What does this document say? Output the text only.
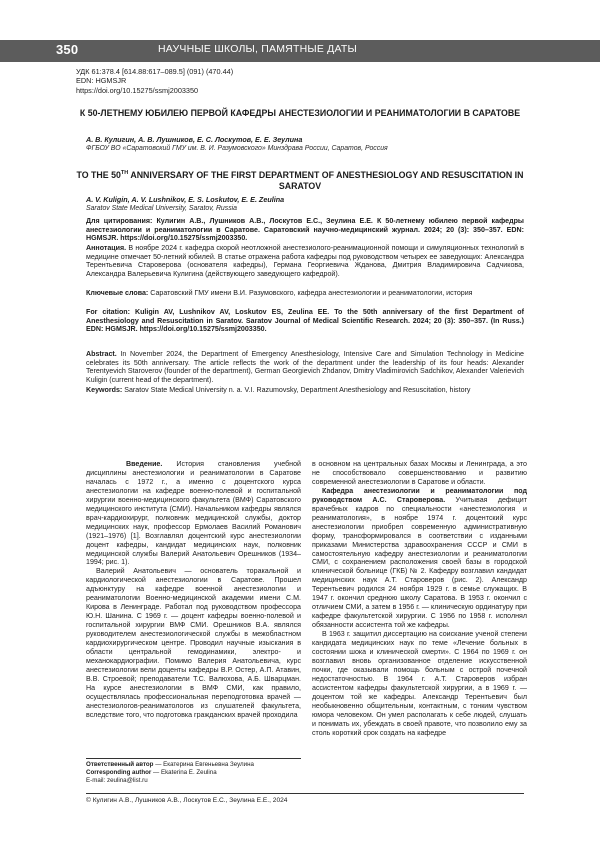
350	НАУЧНЫЕ ШКОЛЫ, ПАМЯТНЫЕ ДАТЫ
УДК 61:378.4 [614.88:617–089.5] (091) (470.44)
EDN: HGMSJR
https://doi.org/10.15275/ssmj2003350
К 50-ЛЕТНЕМУ ЮБИЛЕЮ ПЕРВОЙ КАФЕДРЫ АНЕСТЕЗИОЛОГИИ И РЕАНИМАТОЛОГИИ В САРАТОВЕ
А. В. Кулигин, А. В. Лушников, Е. С. Лоскутов, Е. Е. Зеулина
ФГБОУ ВО «Саратовский ГМУ им. В. И. Разумовского» Минздрава России, Саратов, Россия
TO THE 50TH ANNIVERSARY OF THE FIRST DEPARTMENT OF ANESTHESIOLOGY AND RESUSCITATION IN SARATOV
A. V. Kuligin, A. V. Lushnikov, E. S. Loskutov, E. E. Zeulina
Saratov State Medical University, Saratov, Russia
Для цитирования: Кулигин А.В., Лушников А.В., Лоскутов Е.С., Зеулина Е.Е. К 50-летнему юбилею первой кафедры анестезиологии и реаниматологии в Саратове. Саратовский научно-медицинский журнал. 2024; 20 (3): 350–357. EDN: HGMSJR. https://doi.org/10.15275/ssmj2003350.
Аннотация. В ноябре 2024 г. кафедра скорой неотложной анестезиолого-реанимационной помощи и симуляционных технологий в медицине отмечает 50-летний юбилей. В статье отражена работа кафедры под руководством четырех ее заведующих: Александра Терентьевича Староверова (основателя кафедры), Германа Георгиевича Жданова, Дмитрия Владимировича Садчикова, Александра Валерьевича Кулигина (действующего заведующего кафедрой).
Ключевые слова: Саратовский ГМУ имени В.И. Разумовского, кафедра анестезиологии и реаниматологии, история
For citation: Kuligin AV, Lushnikov AV, Loskutov ES, Zeulina EE. To the 50th anniversary of the first Department of Anesthesiology and Resuscitation in Saratov. Saratov Journal of Medical Scientific Research. 2024; 20 (3): 350–357. (In Russ.) EDN: HGMSJR. https://doi.org/10.15275/ssmj2003350.

Введение. История становления учебной дисциплины анестезиологии и реаниматологии в Саратове началась с 1972 г., а именно с доцентского курса анестезиологии на кафедре военно-полевой и госпитальной хирургии военно-медицинского факультета (ВМФ) Саратовского медицинского института (СМИ). Начальником кафедры являлся врач-кардиохирург, полковник медицинской службы, доктор медицинских наук, профессор Ермолаев Василий Романович (1921–1976) [1]. Возглавлял доцентский курс анестезиологии доцент кафедры, кандидат медицинских наук, полковник медицинской службы Валерий Анатольевич Орешников (1934–1994; рис. 1).

Валерий Анатольевич — основатель торакальной и кардиологической анестезиологии в Саратове. Прошел адъюнктуру на кафедре военной анестезиологии и реаниматологии Военно-медицинской академии имени С.М. Кирова в Ленинграде. Работал под руководством профессора Ю.Н. Шанина. С 1969 г. — доцент кафедры военно-полевой и госпитальной хирургии ВМФ СМИ. Орешников В.А. являлся руководителем анестезиологической службы в межобластном кардиохирургическом центре. Проводил научные изыскания в области центральной гемодинамики, электро- и механокардиографии. Помимо Валерия Анатольевича, курс анестезиологии вели доценты кафедры В.Р. Остер, А.П. Атавин, В.В. Строевой; преподаватели Т.С. Валюхова, А.Б. Шварцман. На курсе анестезиологии в ВМФ СМИ, как правило, осуществлялась профессиональная переподготовка врачей — анестезиологов-реаниматологов из слушателей факультета, вследствие того, что подготовка гражданских врачей проходила

в основном на центральных базах Москвы и Ленинграда, а это не способствовало совершенствованию и развитию современной анестезиологии в Саратове и области.

Кафедра анестезиологии и реаниматологии под руководством А.С. Староверова. Учитывая дефицит врачебных кадров по специальности «анестезиология и реаниматология», в ноябре 1974 г. доцентский курс анестезиологии приобрел современную административную форму, трансформировался в соответствии с изданными приказами Министерства здравоохранения СССР и СМИ в самостоятельную кафедру анестезиологии и реаниматологии СМИ, с сохранением расположения своей базы в городской клинической больнице (ГКБ) № 2. Кафедру возглавил кандидат медицинских наук А.Т. Староверов (рис. 2). Александр Терентьевич родился 24 ноября 1929 г. в семье служащих. В 1947 г. окончил среднюю школу Саратова. В 1953 г. окончил с отличием СМИ, а затем в 1956 г. — клиническую ординатуру при кафедре факультетской хирургии. С 1956 по 1958 г. исполнял обязанности ассистента той же кафедры.

В 1963 г. защитил диссертацию на соискание ученой степени кандидата медицинских наук по теме «Лечение больных в состоянии шока и клинической смерти». С 1964 по 1969 г. он возглавил вновь организованное отделение искусственной почки, где оказывали помощь больным с острой почечной недостаточностью. В 1964 г. А.Т. Староверов избран ассистентом кафедры факультетской хирургии, а в 1969 г. — доцентом той же кафедры. Александр Терентьевич был необыкновенно общительным, контактным, с тонким чувством юмора человеком. Он умел располагать к себе людей, слушать и понимать их, убеждать в своей правоте, что позволило ему за столь короткий срок создать на кафедре

Abstract. In November 2024, the Department of Emergency Anesthesiology, Intensive Care and Simulation Technology in Medicine celebrates its 50th anniversary. The article reflects the work of the department under the leadership of its four heads: Alexander Terentyevich Starovеrov (founder of the department), German Georgievich Zhdanov, Dmitry Vladimirovich Sadchikov, Alexander Valerievich Kuligin (current head of the department).
Keywords: Saratov State Medical University n. a. V.I. Razumovsky, Department Anesthesiology and Resuscitation, history
Ответственный автор — Екатерина Евгеньевна Зеулина
Corresponding author — Ekaterina E. Zeulina
E-mail: zeulina@list.ru
© Кулигин А.В., Лушников А.В., Лоскутов Е.С., Зеулина Е.Е., 2024
